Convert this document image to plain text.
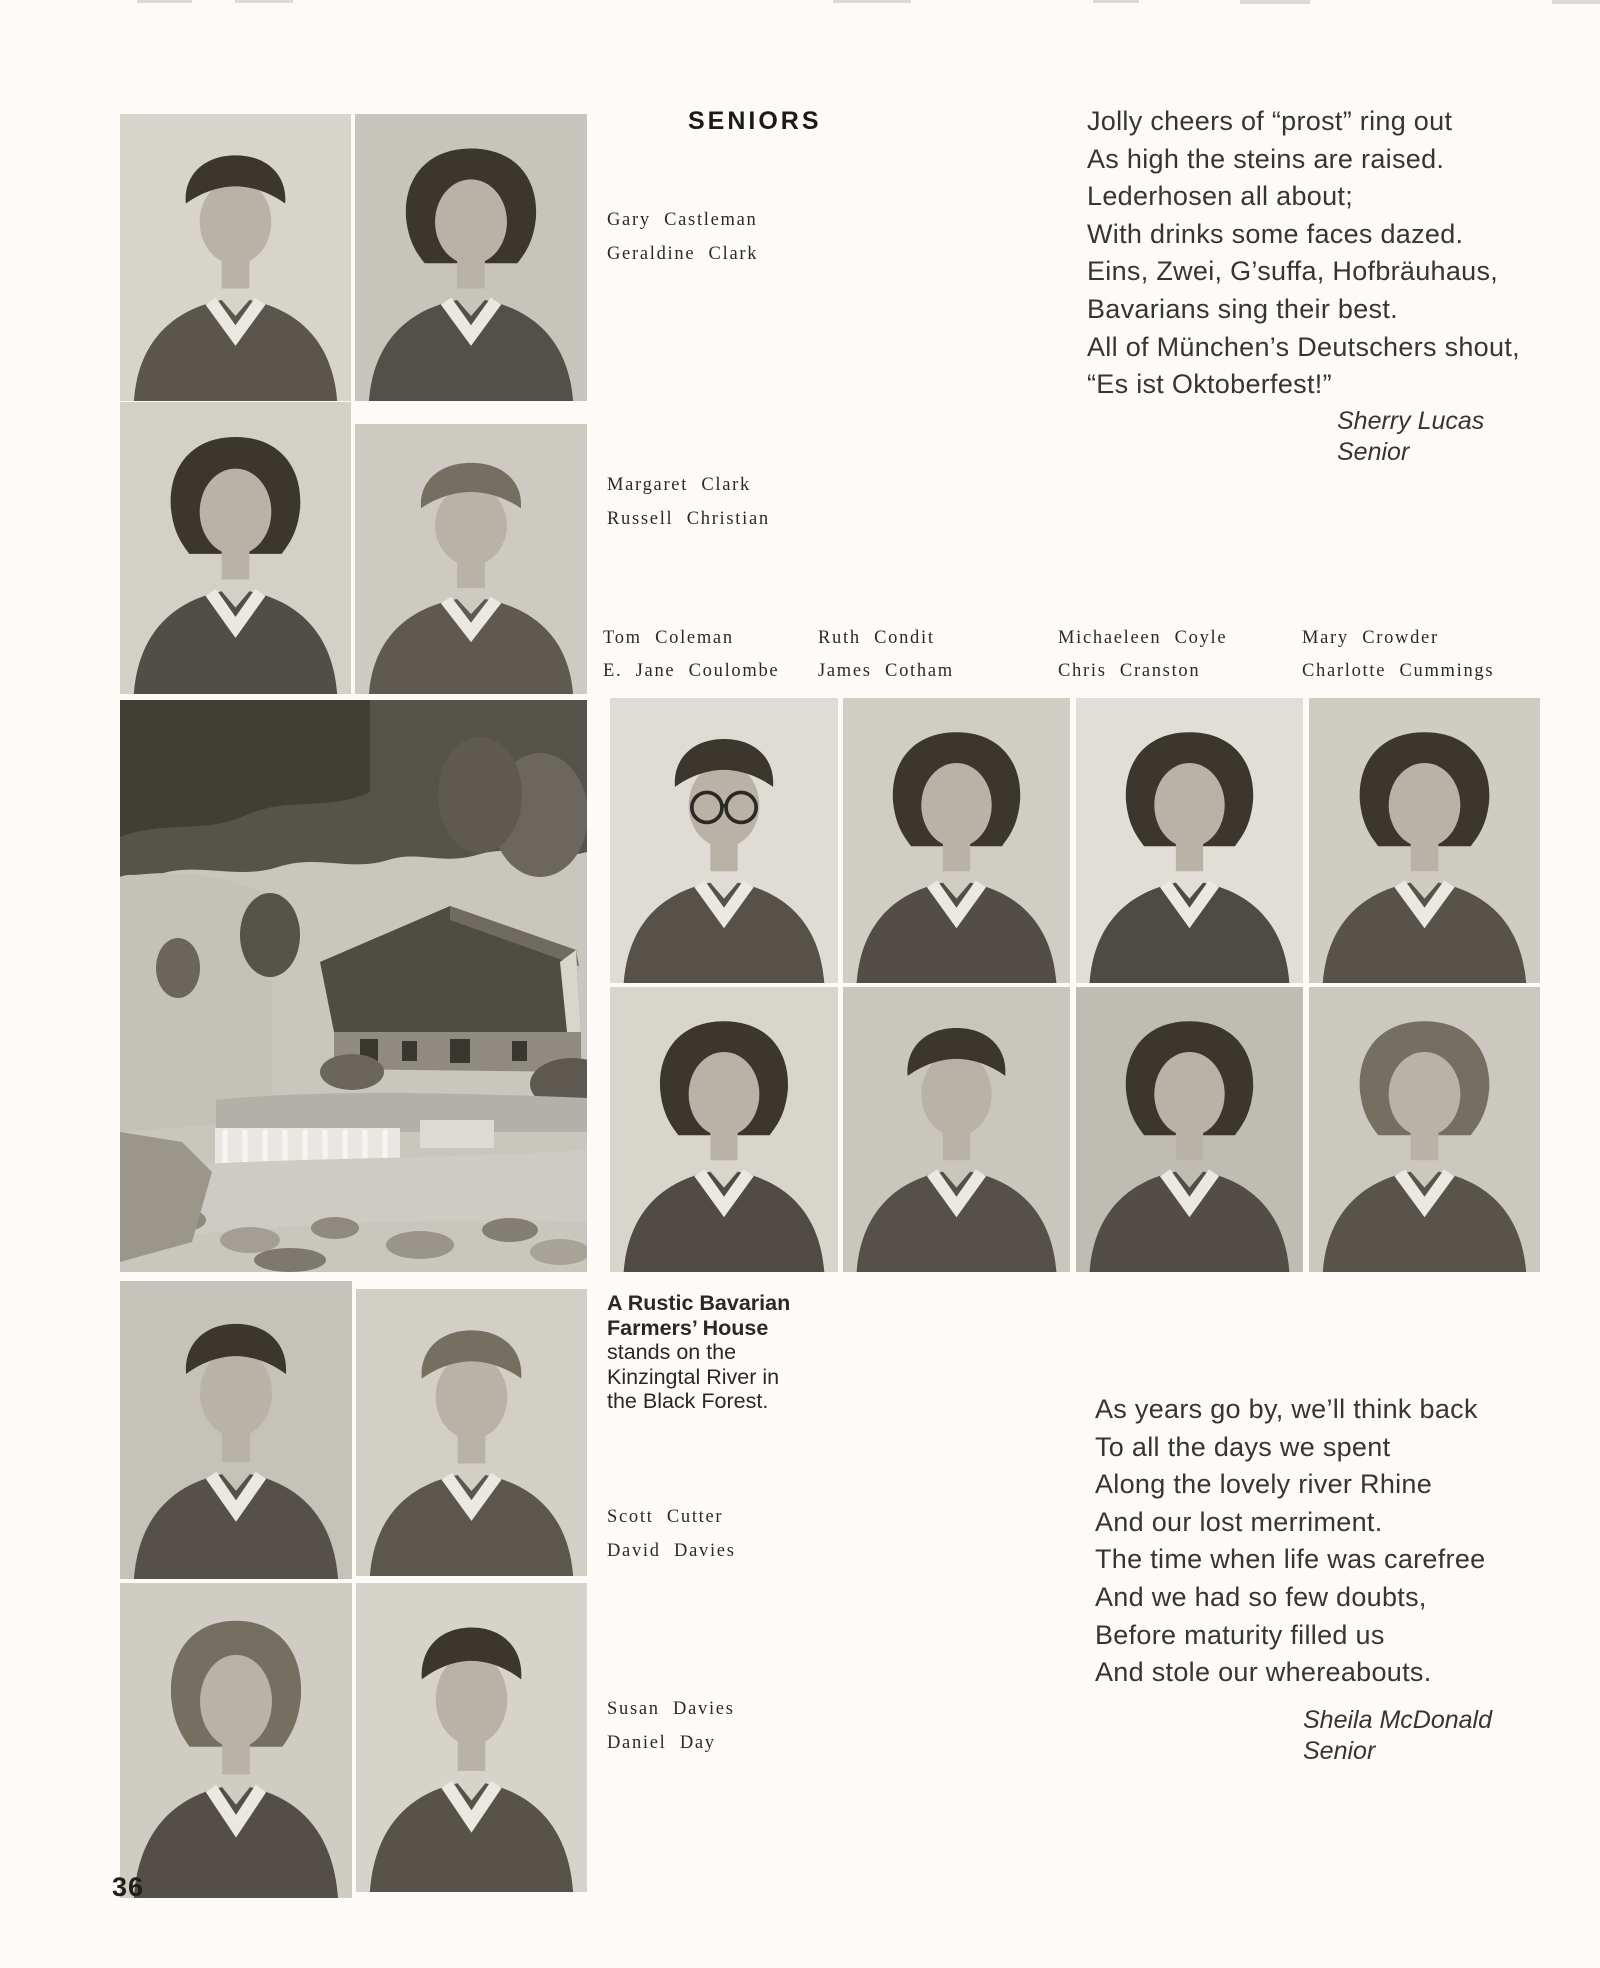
SENIORS
Gary Castleman
Geraldine Clark
Margaret Clark
Russell Christian
Jolly cheers of “prost” ring out
As high the steins are raised.
Lederhosen all about;
With drinks some faces dazed.
Eins, Zwei, G’suffa, Hofbräuhaus,
Bavarians sing their best.
All of München’s Deutschers shout,
“Es ist Oktoberfest!”
Sherry Lucas
Senior
Tom Coleman
E. Jane Coulombe
Ruth Condit
James Cotham
Michaeleen Coyle
Chris Cranston
Mary Crowder
Charlotte Cummings
A Rustic Bavarian
Farmers’ House
stands on the
Kinzingtal River in
the Black Forest.
Scott Cutter
David Davies
Susan Davies
Daniel Day
As years go by, we’ll think back
To all the days we spent
Along the lovely river Rhine
And our lost merriment.
The time when life was carefree
And we had so few doubts,
Before maturity filled us
And stole our whereabouts.
Sheila McDonald
Senior
36
